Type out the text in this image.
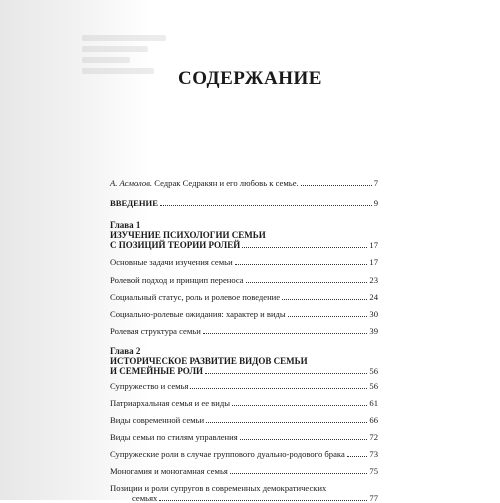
СОДЕРЖАНИЕ
А. Асмолов. Седрак Седракян и его любовь к семье.	7
ВВЕДЕНИЕ	9
Глава 1
ИЗУЧЕНИЕ ПСИХОЛОГИИ СЕМЬИ
С ПОЗИЦИЙ ТЕОРИИ РОЛЕЙ	17
Основные задачи изучения семьи	17
Ролевой подход и принцип переноса	23
Социальный статус, роль и ролевое поведение	24
Социально-ролевые ожидания: характер и виды	30
Ролевая структура семьи	39
Глава 2
ИСТОРИЧЕСКОЕ РАЗВИТИЕ ВИДОВ СЕМЬИ
И СЕМЕЙНЫЕ РОЛИ	56
Супружество и семья	56
Патриархальная семья и ее виды	61
Виды современной семьи	66
Виды семьи по стилям управления	72
Супружеские роли в случае группового дуально-родового брака	73
Моногамия и моногамная семья	75
Позиции и роли супругов в современных демократических
семьях	77
